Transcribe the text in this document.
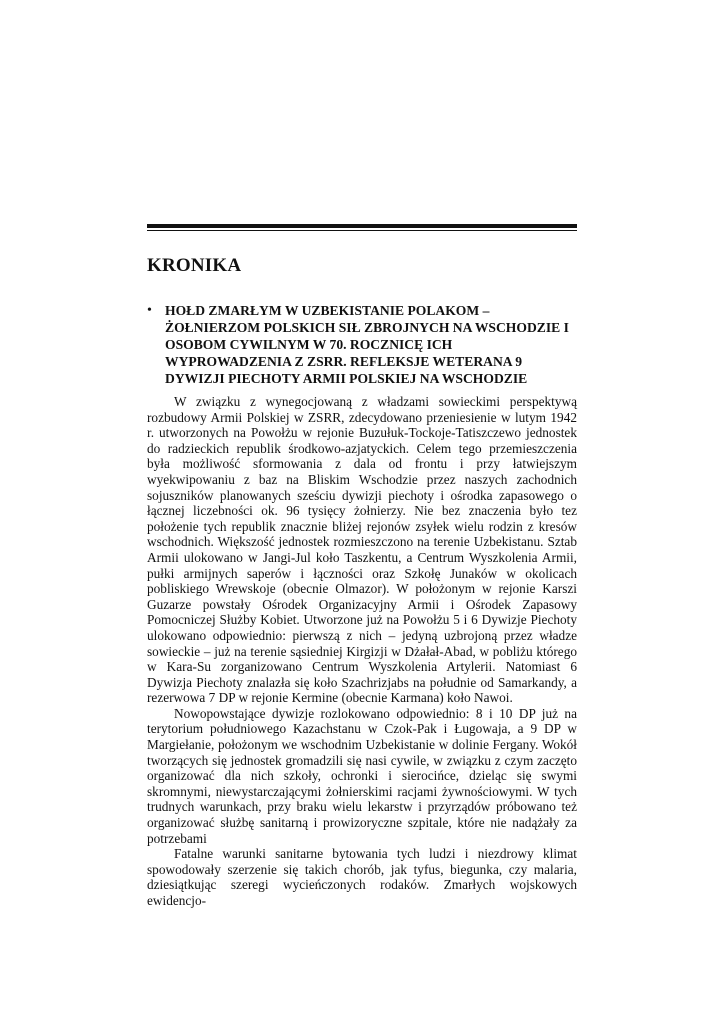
KRONIKA
• HOŁD ZMARŁYM W UZBEKISTANIE POLAKOM – ŻOŁNIERZOM POLSKICH SIŁ ZBROJNYCH NA WSCHODZIE I OSOBOM CYWILNYM W 70. ROCZNICĘ ICH WYPROWADZENIA Z ZSRR. REFLEKSJE WETERANA 9 DYWIZJI PIECHOTY ARMII POLSKIEJ NA WSCHODZIE

W związku z wynegocjowaną z władzami sowieckimi perspektywą rozbudowy Armii Polskiej w ZSRR, zdecydowano przeniesienie w lutym 1942 r. utworzonych na Powołżu w rejonie Buzułuk-Tockoje-Tatiszczewo jednostek do radzieckich republik środkowo-azjatyckich. Celem tego przemieszczenia była możliwość sformowania z dala od frontu i przy łatwiejszym wyekwipowaniu z baz na Bliskim Wschodzie przez naszych zachodnich sojuszników planowanych sześciu dywizji piechoty i ośrodka zapasowego o łącznej liczebności ok. 96 tysięcy żołnierzy. Nie bez znaczenia było tez położenie tych republik znacznie bliżej rejonów zsyłek wielu rodzin z kresów wschodnich. Większość jednostek rozmieszczono na terenie Uzbekistanu. Sztab Armii ulokowano w Jangi-Jul koło Taszkentu, a Centrum Wyszkolenia Armii, pułki armijnych saperów i łączności oraz Szkołę Junaków w okolicach pobliskiego Wrewskoje (obecnie Olmazor). W położonym w rejonie Karszi Guzarze powstały Ośrodek Organizacyjny Armii i Ośrodek Zapasowy Pomocniczej Służby Kobiet. Utworzone już na Powołżu 5 i 6 Dywizje Piechoty ulokowano odpowiednio: pierwszą z nich – jedyną uzbrojoną przez władze sowieckie – już na terenie sąsiedniej Kirgizji w Dżałał-Abad, w pobliżu którego w Kara-Su zorganizowano Centrum Wyszkolenia Artylerii. Natomiast 6 Dywizja Piechoty znalazła się koło Szachrizjabs na południe od Samarkandy, a rezerwowa 7 DP w rejonie Kermine (obecnie Karmana) koło Nawoi.

Nowopowstające dywizje rozlokowano odpowiednio: 8 i 10 DP już na terytorium południowego Kazachstanu w Czok-Pak i Ługowaja, a 9 DP w Margiełanie, położonym we wschodnim Uzbekistanie w dolinie Fergany. Wokół tworzących się jednostek gromadzili się nasi cywile, w związku z czym zaczęto organizować dla nich szkoły, ochronki i sierocińce, dzieląc się swymi skromnymi, niewystarczającymi żołnierskimi racjami żywnościowymi. W tych trudnych warunkach, przy braku wielu lekarstw i przyrządów próbowano też organizować służbę sanitarną i prowizoryczne szpitale, które nie nadążały za potrzebami

Fatalne warunki sanitarne bytowania tych ludzi i niezdrowy klimat spowodowały szerzenie się takich chorób, jak tyfus, biegunka, czy malaria, dziesiątkując szeregi wycieńczonych rodaków. Zmarłych wojskowych ewidencjo-
